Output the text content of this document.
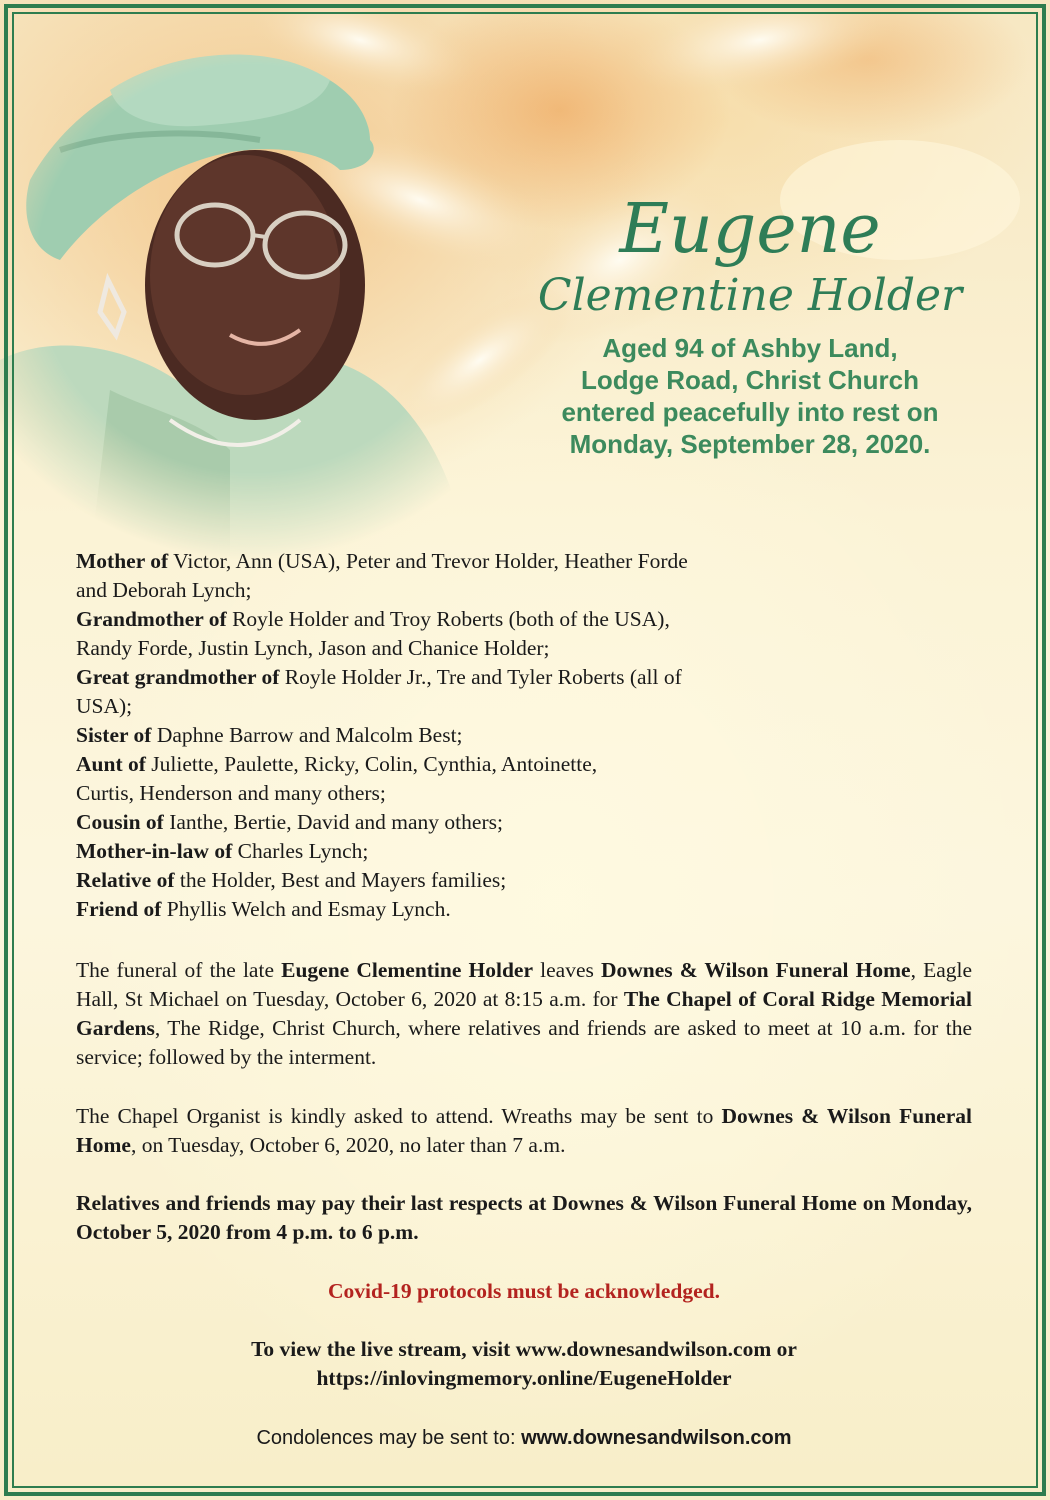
Eugene
Clementine Holder
Aged 94 of Ashby Land,
Lodge Road, Christ Church
entered peacefully into rest on
Monday, September 28, 2020.
Mother of Victor, Ann (USA), Peter and Trevor Holder, Heather Forde
and Deborah Lynch;
Grandmother of Royle Holder and Troy Roberts (both of the USA),
Randy Forde, Justin Lynch, Jason and Chanice Holder;
Great grandmother of Royle Holder Jr., Tre and Tyler Roberts (all of
USA);
Sister of Daphne Barrow and Malcolm Best;
Aunt of Juliette, Paulette, Ricky, Colin, Cynthia, Antoinette,
Curtis, Henderson and many others;
Cousin of Ianthe, Bertie, David and many others;
Mother-in-law of Charles Lynch;
Relative of the Holder, Best and Mayers families;
Friend of Phyllis Welch and Esmay Lynch.
The funeral of the late Eugene Clementine Holder leaves Downes & Wilson Funeral Home, Eagle Hall, St Michael on Tuesday, October 6, 2020 at 8:15 a.m. for The Chapel of Coral Ridge Memorial Gardens, The Ridge, Christ Church, where relatives and friends are asked to meet at 10 a.m. for the service; followed by the interment.
The Chapel Organist is kindly asked to attend. Wreaths may be sent to Downes & Wilson Funeral Home, on Tuesday, October 6, 2020, no later than 7 a.m.
Relatives and friends may pay their last respects at Downes & Wilson Funeral Home on Monday, October 5, 2020 from 4 p.m. to 6 p.m.
Covid-19 protocols must be acknowledged.
To view the live stream, visit www.downesandwilson.com or
https://inlovingmemory.online/EugeneHolder
Condolences may be sent to: www.downesandwilson.com
